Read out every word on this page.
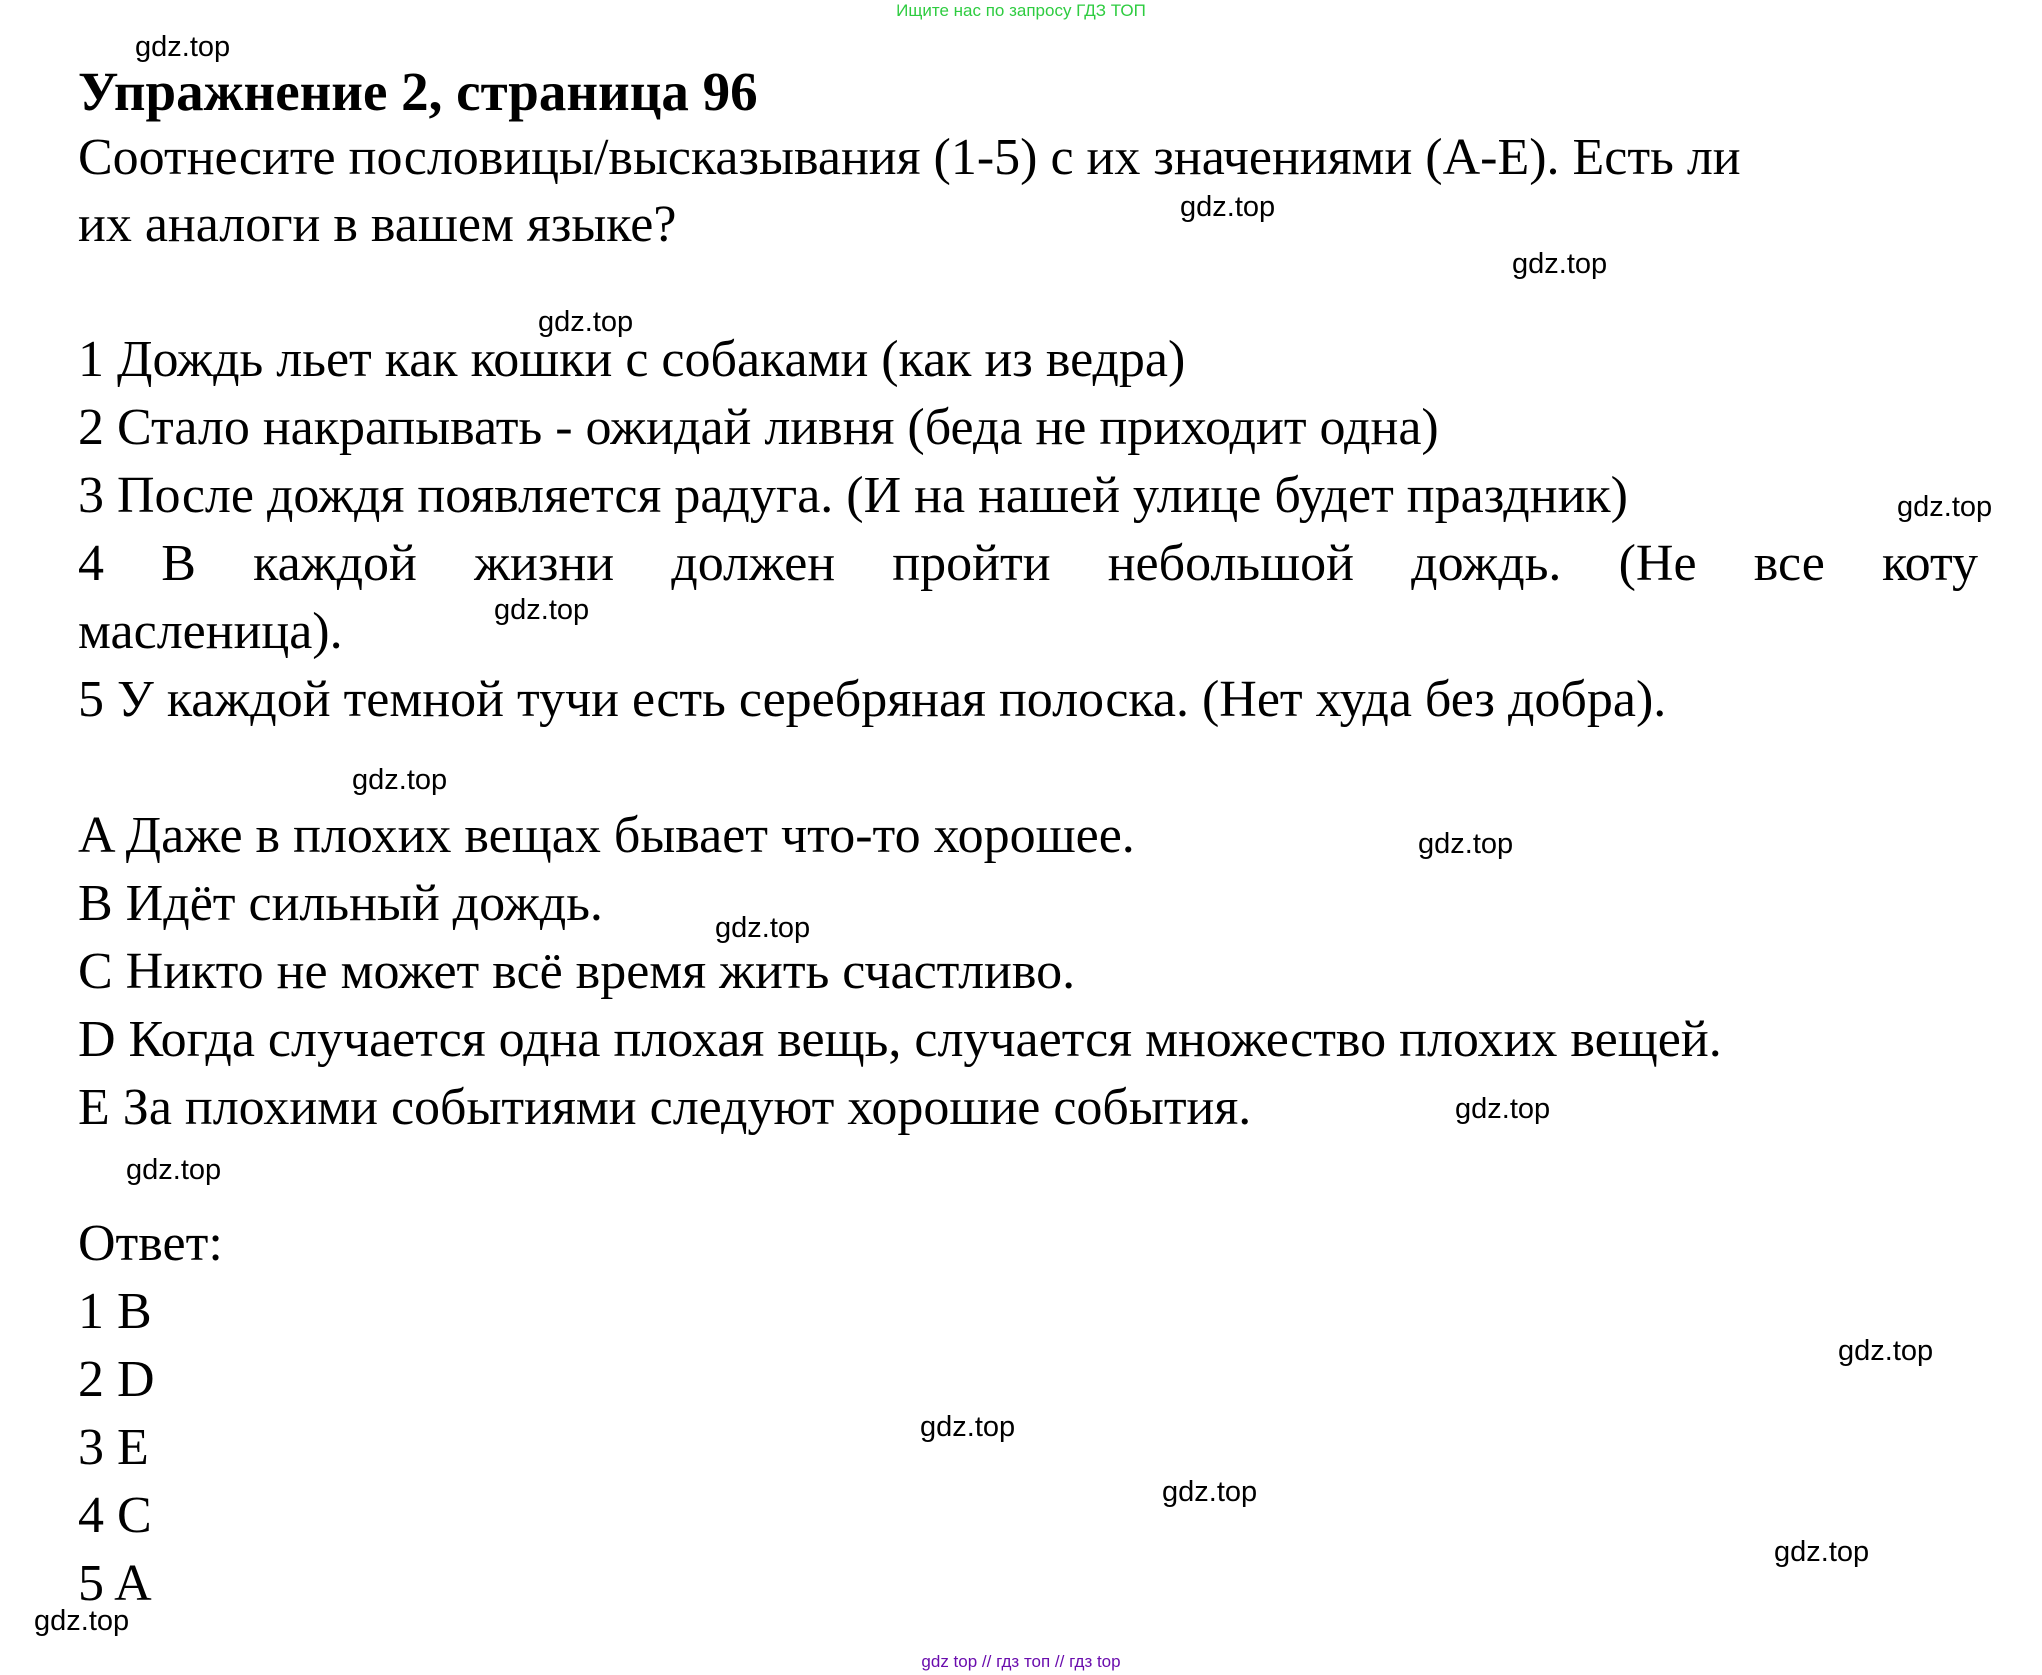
Ищите нас по запросу ГДЗ ТОП
Упражнение 2, страница 96
Соотнесите пословицы/высказывания (1-5) с их значениями (A-E). Есть ли
их аналоги в вашем языке?
1 Дождь льет как кошки с собаками (как из ведра)
2 Стало накрапывать - ожидай ливня (беда не приходит одна)
3 После дождя появляется радуга. (И на нашей улице будет праздник)
4 В каждой жизни должен пройти небольшой дождь. (Не все коту
масленица).
5 У каждой темной тучи есть серебряная полоска. (Нет худа без добра).
A Даже в плохих вещах бывает что-то хорошее.
B Идёт сильный дождь.
C Никто не может всё время жить счастливо.
D Когда случается одна плохая вещь, случается множество плохих вещей.
E За плохими событиями следуют хорошие события.
Ответ:
1 B
2 D
3 E
4 C
5 A
gdz.top
gdz.top
gdz.top
gdz.top
gdz.top
gdz.top
gdz.top
gdz.top
gdz.top
gdz.top
gdz.top
gdz.top
gdz.top
gdz.top
gdz.top
gdz.top
gdz top // гдз топ // гдз top
